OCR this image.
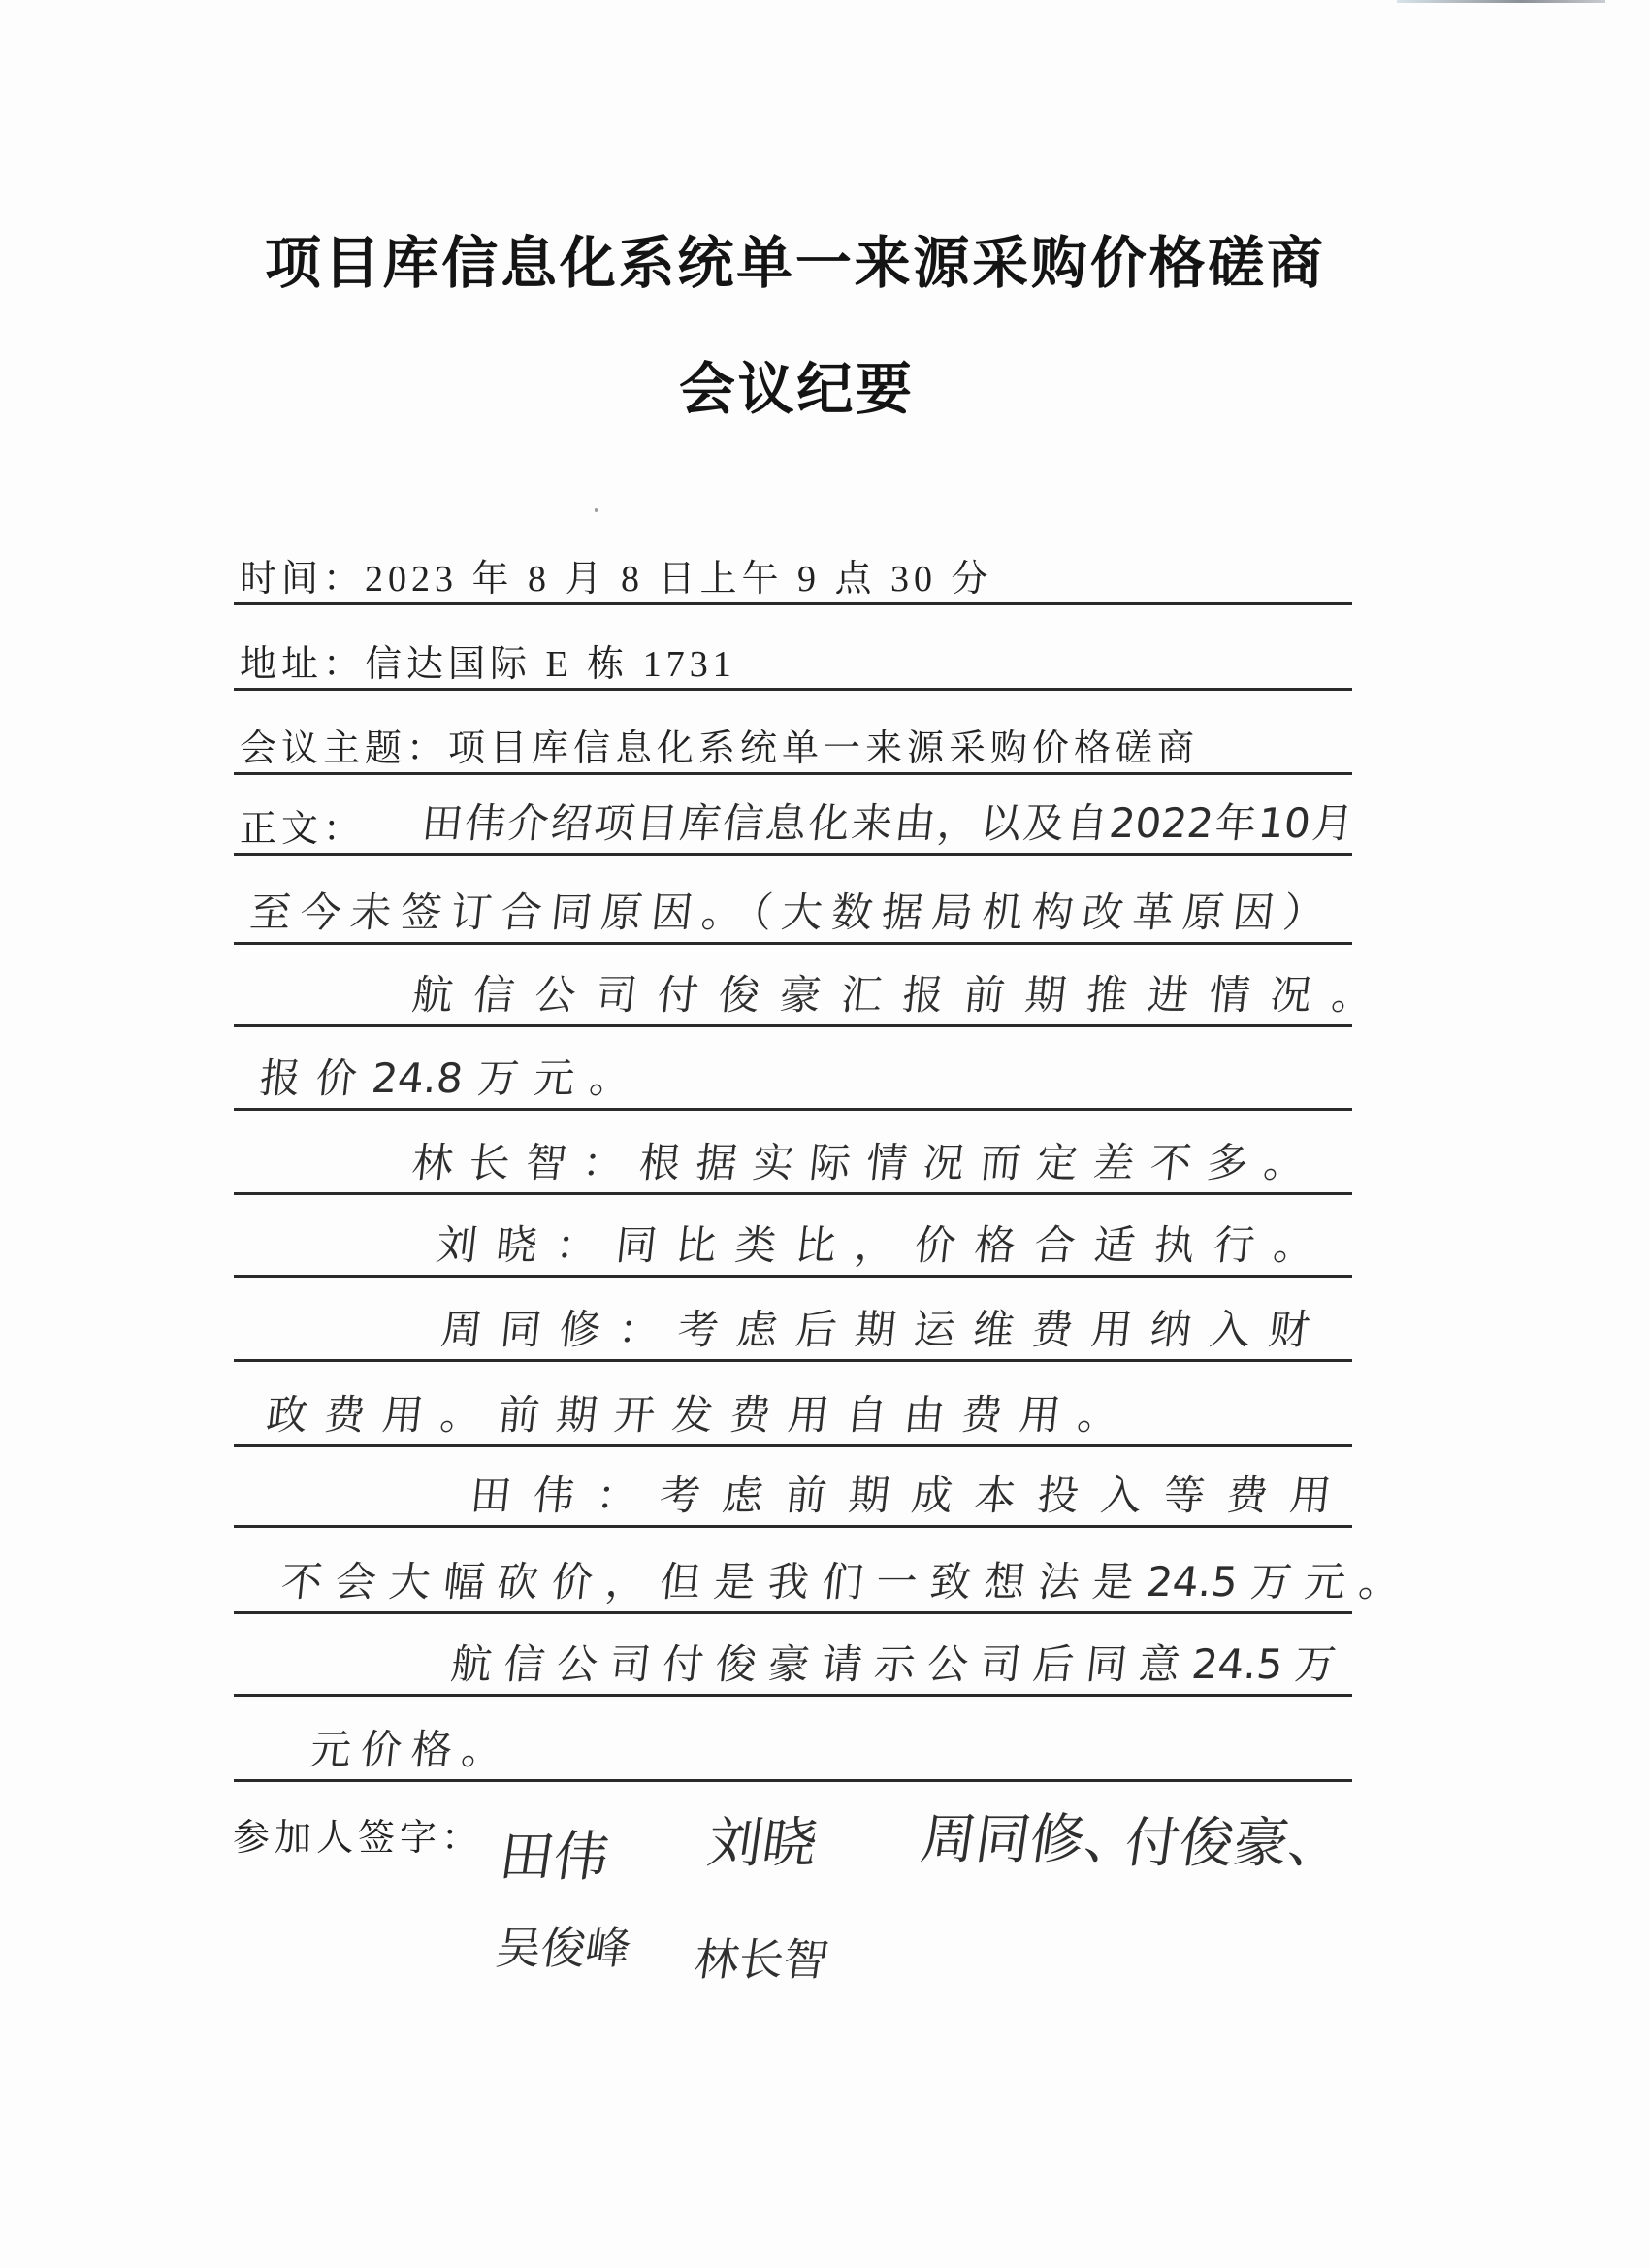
项目库信息化系统单一来源采购价格磋商
会议纪要
时间：2023 年 8 月 8 日上午 9 点 30 分
地址：信达国际 E 栋 1731
会议主题：项目库信息化系统单一来源采购价格磋商
正文： 田伟介绍项目库信息化来由，以及自2022年10月
至今未签订合同原因。（大数据局机构改革原因）
航信公司付俊豪汇报前期推进情况。
报价24.8万元。
林长智：根据实际情况而定差不多。
刘晓：同比类比，价格合适执行。
周同修：考虑后期运维费用纳入财
政费用。前期开发费用自由费用。
田伟：考虑前期成本投入等费用
不会大幅砍价，但是我们一致想法是24.5万元。
航信公司付俊豪请示公司后同意24.5万
元价格。
参加人签字： 田伟 刘晓 周同修、
付俊豪、
吴俊峰 林长智
